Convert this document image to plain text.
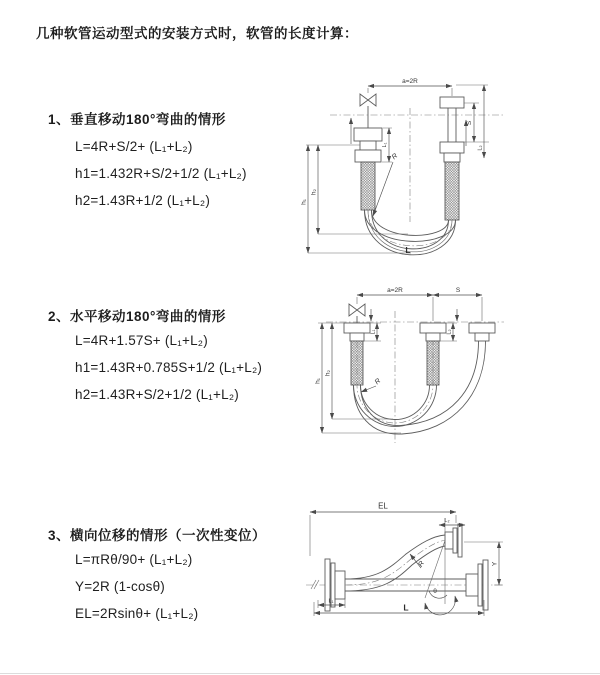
几种软管运动型式的安装方式时，软管的长度计算：
1、垂直移动180°弯曲的情形
L=4R+S/2+ (L₁+L₂)
h1=1.432R+S/2+1/2 (L₁+L₂)
h2=1.43R+1/2 (L₁+L₂)
2、水平移动180°弯曲的情形
L=4R+1.57S+ (L₁+L₂)
h1=1.43R+0.785S+1/2 (L₁+L₂)
h2=1.43R+S/2+1/2 (L₁+L₂)
3、横向位移的情形（一次性变位）
L=πRθ/90+ (L₁+L₂)
Y=2R (1-cosθ)
EL=2Rsinθ+ (L₁+L₂)
a=2R
h₁
h₂
L₁
S
L₂
R
L
a=2R	S
h₁
h₂
L₁	L₂
R
θ
EL
L₂
Y
L₁
L
R
